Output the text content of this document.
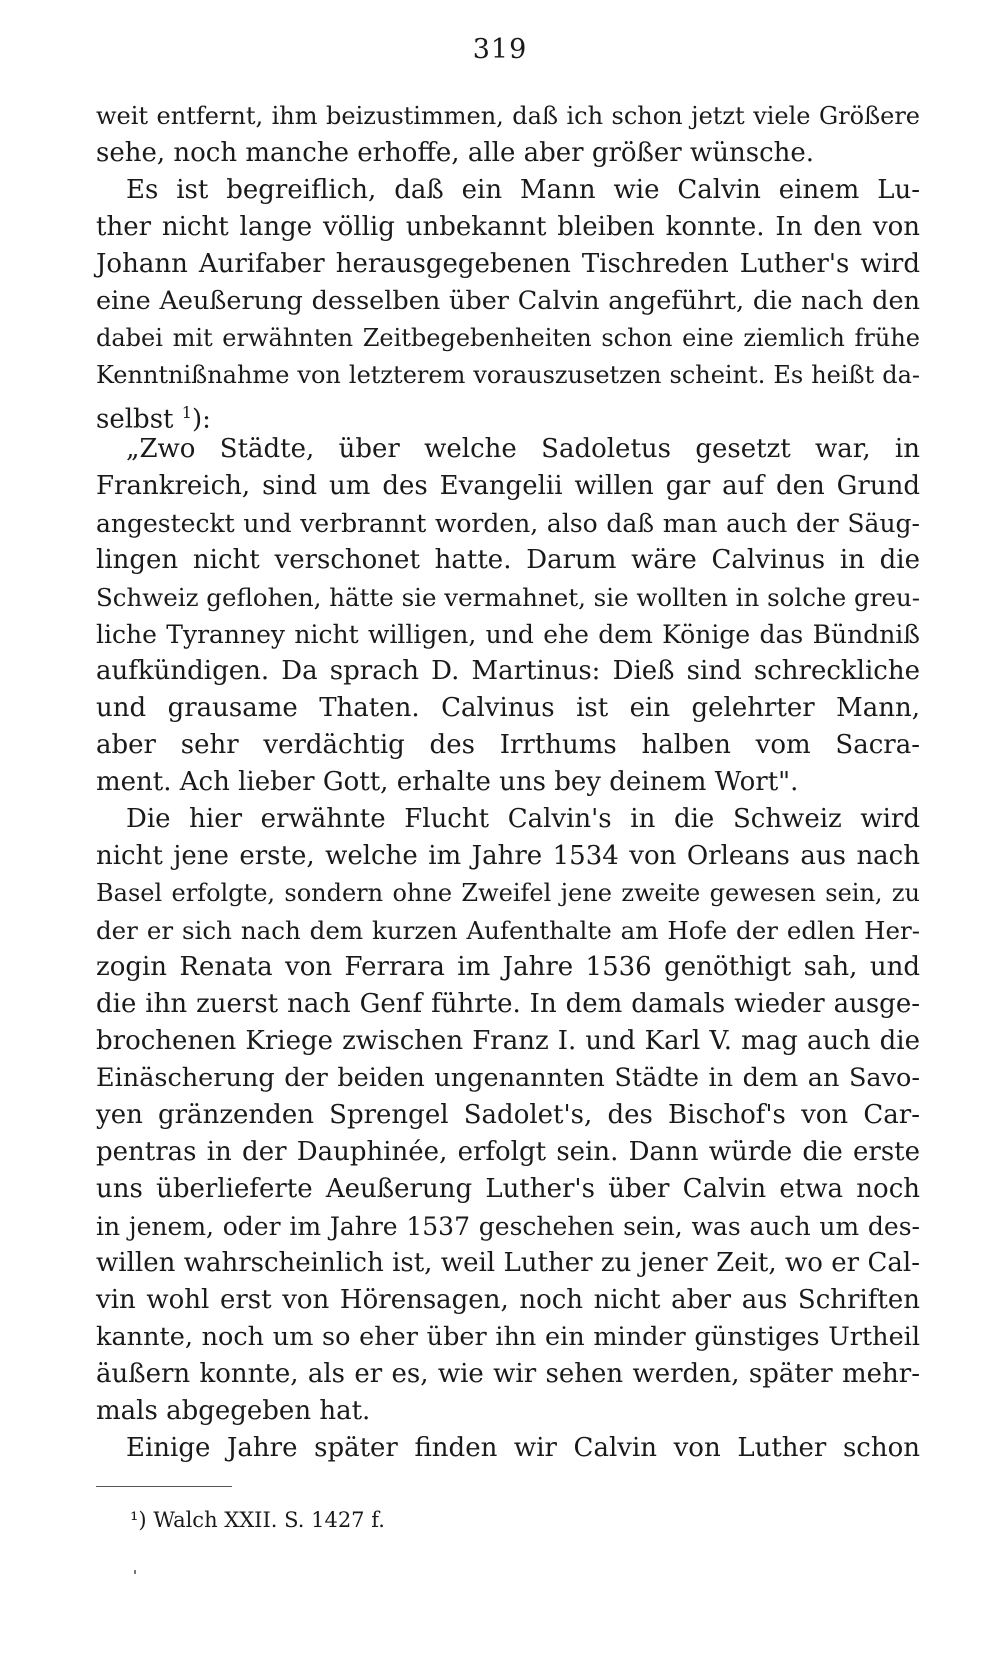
319
weit entfernt, ihm beizustimmen, daß ich schon jetzt viele Größere
sehe, noch manche erhoffe, alle aber größer wünsche.
Es ist begreiflich, daß ein Mann wie Calvin einem Lu-
ther nicht lange völlig unbekannt bleiben konnte. In den von
Johann Aurifaber herausgegebenen Tischreden Luther's wird
eine Aeußerung desselben über Calvin angeführt, die nach den
dabei mit erwähnten Zeitbegebenheiten schon eine ziemlich frühe
Kenntnißnahme von letzterem vorauszusetzen scheint. Es heißt da-
selbst $^1$):
„Zwo Städte, über welche Sadoletus gesetzt war, in
Frankreich, sind um des Evangelii willen gar auf den Grund
angesteckt und verbrannt worden, also daß man auch der Säug-
lingen nicht verschonet hatte. Darum wäre Calvinus in die
Schweiz geflohen, hätte sie vermahnet, sie wollten in solche greu-
liche Tyranney nicht willigen, und ehe dem Könige das Bündniß
aufkündigen. Da sprach D. Martinus: Dieß sind schreckliche
und grausame Thaten. Calvinus ist ein gelehrter Mann,
aber sehr verdächtig des Irrthums halben vom Sacra-
ment. Ach lieber Gott, erhalte uns bey deinem Wort".
Die hier erwähnte Flucht Calvin's in die Schweiz wird
nicht jene erste, welche im Jahre 1534 von Orleans aus nach
Basel erfolgte, sondern ohne Zweifel jene zweite gewesen sein, zu
der er sich nach dem kurzen Aufenthalte am Hofe der edlen Her-
zogin Renata von Ferrara im Jahre 1536 genöthigt sah, und
die ihn zuerst nach Genf führte. In dem damals wieder ausge-
brochenen Kriege zwischen Franz I. und Karl V. mag auch die
Einäscherung der beiden ungenannten Städte in dem an Savo-
yen gränzenden Sprengel Sadolet's, des Bischof's von Car-
pentras in der Dauphinée, erfolgt sein. Dann würde die erste
uns überlieferte Aeußerung Luther's über Calvin etwa noch
in jenem, oder im Jahre 1537 geschehen sein, was auch um des-
willen wahrscheinlich ist, weil Luther zu jener Zeit, wo er Cal-
vin wohl erst von Hörensagen, noch nicht aber aus Schriften
kannte, noch um so eher über ihn ein minder günstiges Urtheil
äußern konnte, als er es, wie wir sehen werden, später mehr-
mals abgegeben hat.
Einige Jahre später finden wir Calvin von Luther schon
¹) Walch XXII. S. 1427 f.
